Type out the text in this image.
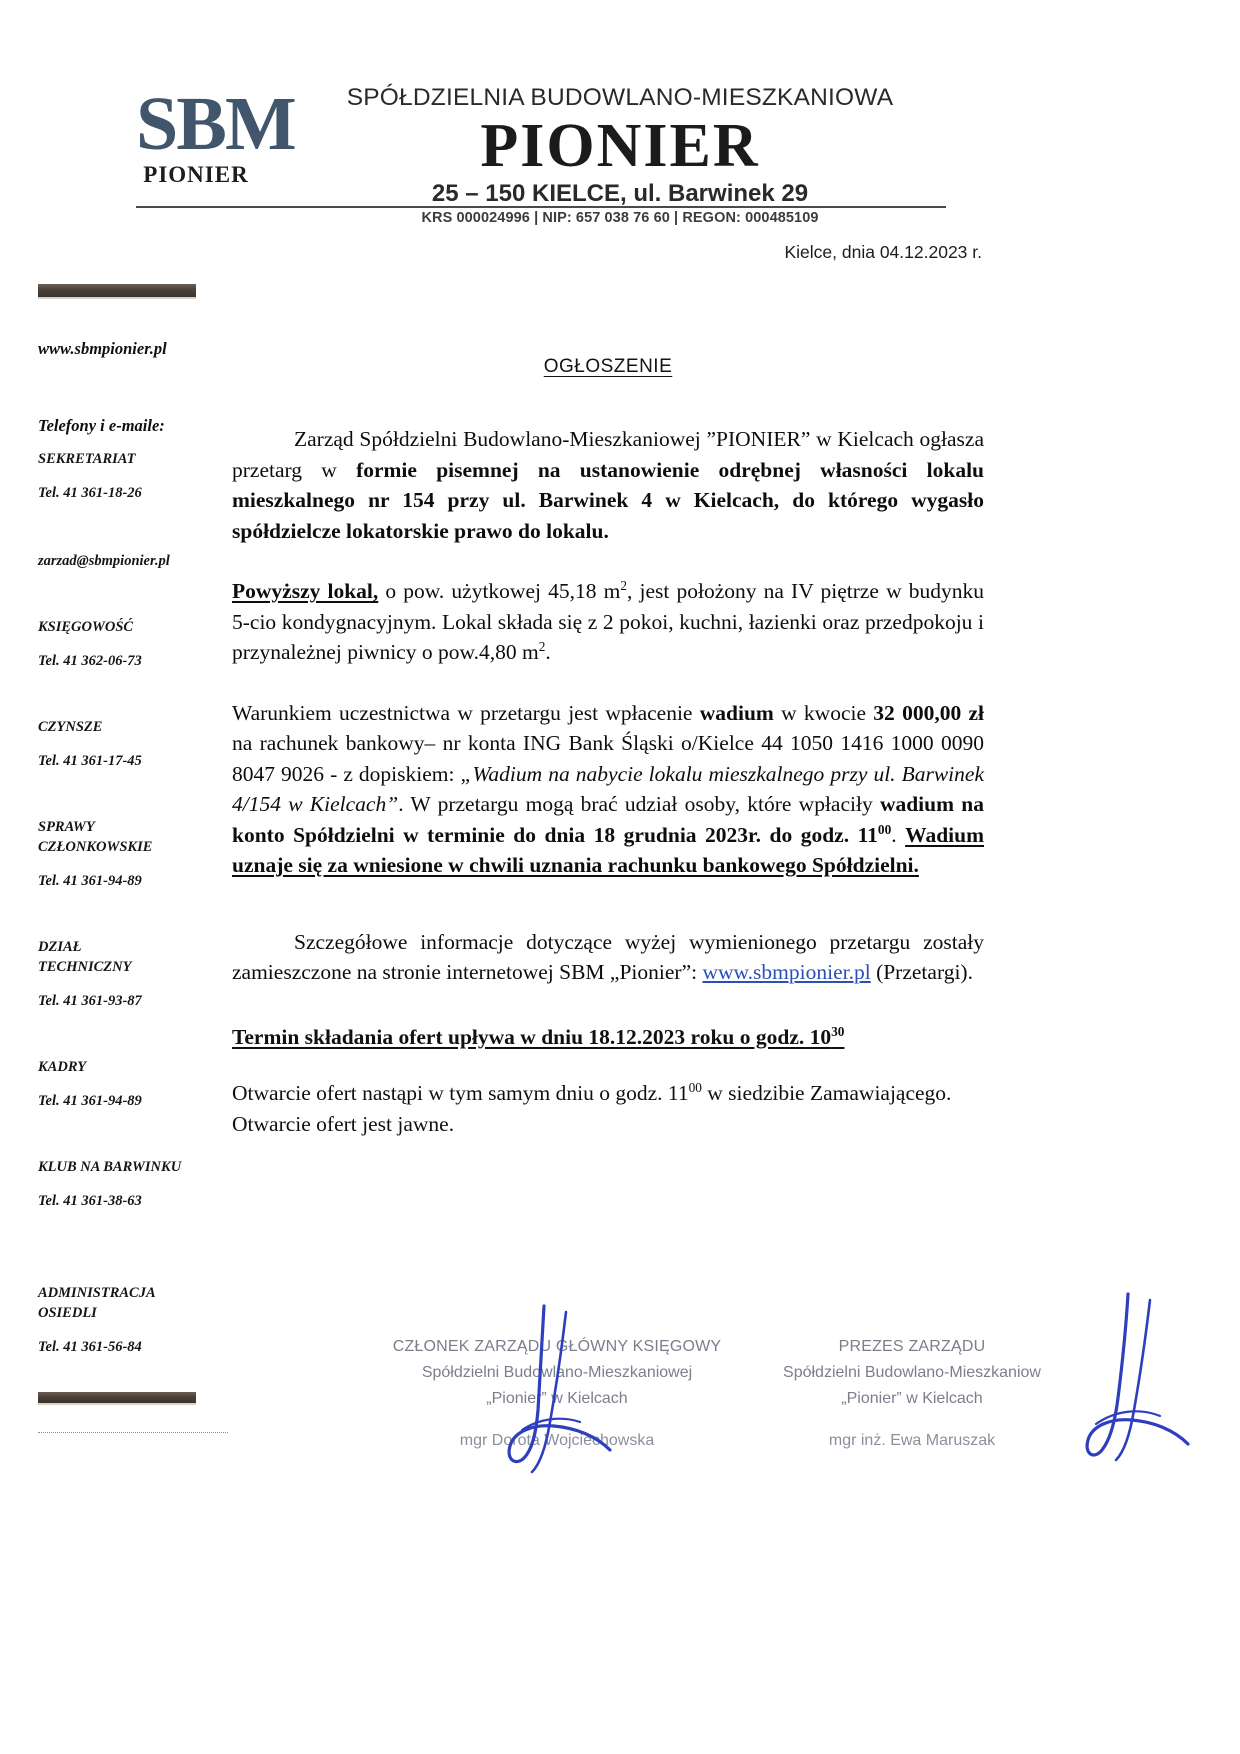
SBM
PIONIER
SPÓŁDZIELNIA BUDOWLANO-MIESZKANIOWA
PIONIER
25 – 150 KIELCE, ul. Barwinek 29
KRS 000024996 | NIP: 657 038 76 60 | REGON: 000485109
Kielce, dnia 04.12.2023 r.
www.sbmpionier.pl
Telefony i e-maile:
SEKRETARIAT
Tel. 41 361-18-26
zarzad@sbmpionier.pl
KSIĘGOWOŚĆ
Tel. 41 362-06-73
CZYNSZE
Tel. 41 361-17-45
SPRAWY
CZŁONKOWSKIE
Tel. 41 361-94-89
DZIAŁ
TECHNICZNY
Tel. 41 361-93-87
KADRY
Tel. 41 361-94-89
KLUB NA BARWINKU
Tel. 41 361-38-63
ADMINISTRACJA
OSIEDLI
Tel. 41 361-56-84
OGŁOSZENIE

Zarząd Spółdzielni Budowlano-Mieszkaniowej ”PIONIER” w Kielcach ogłasza przetarg w formie pisemnej na ustanowienie odrębnej własności lokalu mieszkalnego nr 154 przy ul. Barwinek 4 w Kielcach, do którego wygasło spółdzielcze lokatorskie prawo do lokalu.

Powyższy lokal, o pow. użytkowej 45,18 $m^2$, jest położony na IV piętrze w budynku 5-cio kondygnacyjnym. Lokal składa się z 2 pokoi, kuchni, łazienki oraz przedpokoju i przynależnej piwnicy o pow.4,80 $m^2$.

Warunkiem uczestnictwa w przetargu jest wpłacenie wadium w kwocie 32 000,00 zł na rachunek bankowy– nr konta ING Bank Śląski o/Kielce 44 1050 1416 1000 0090 8047 9026 - z dopiskiem: „Wadium na nabycie lokalu mieszkalnego przy ul. Barwinek 4/154 w Kielcach”. W przetargu mogą brać udział osoby, które wpłaciły wadium na konto Spółdzielni w terminie do dnia 18 grudnia 2023r. do godz. $11^{00}$. Wadium uznaje się za wniesione w chwili uznania rachunku bankowego Spółdzielni.

Szczegółowe informacje dotyczące wyżej wymienionego przetargu zostały zamieszczone na stronie internetowej SBM „Pionier”: www.sbmpionier.pl (Przetargi).

Termin składania ofert upływa w dniu 18.12.2023 roku o godz. $10^{30}$

Otwarcie ofert nastąpi w tym samym dniu o godz. $11^{00}$ w siedzibie Zamawiającego.
Otwarcie ofert jest jawne.

CZŁONEK ZARZĄDU GŁÓWNY KSIĘGOWY
Spółdzielni Budowlano-Mieszkaniowej
„Pionier” w Kielcach
mgr Dorota Wojciechowska
PREZES ZARZĄDU
Spółdzielni Budowlano-Mieszkaniow
„Pionier” w Kielcach
mgr inż. Ewa Maruszak
